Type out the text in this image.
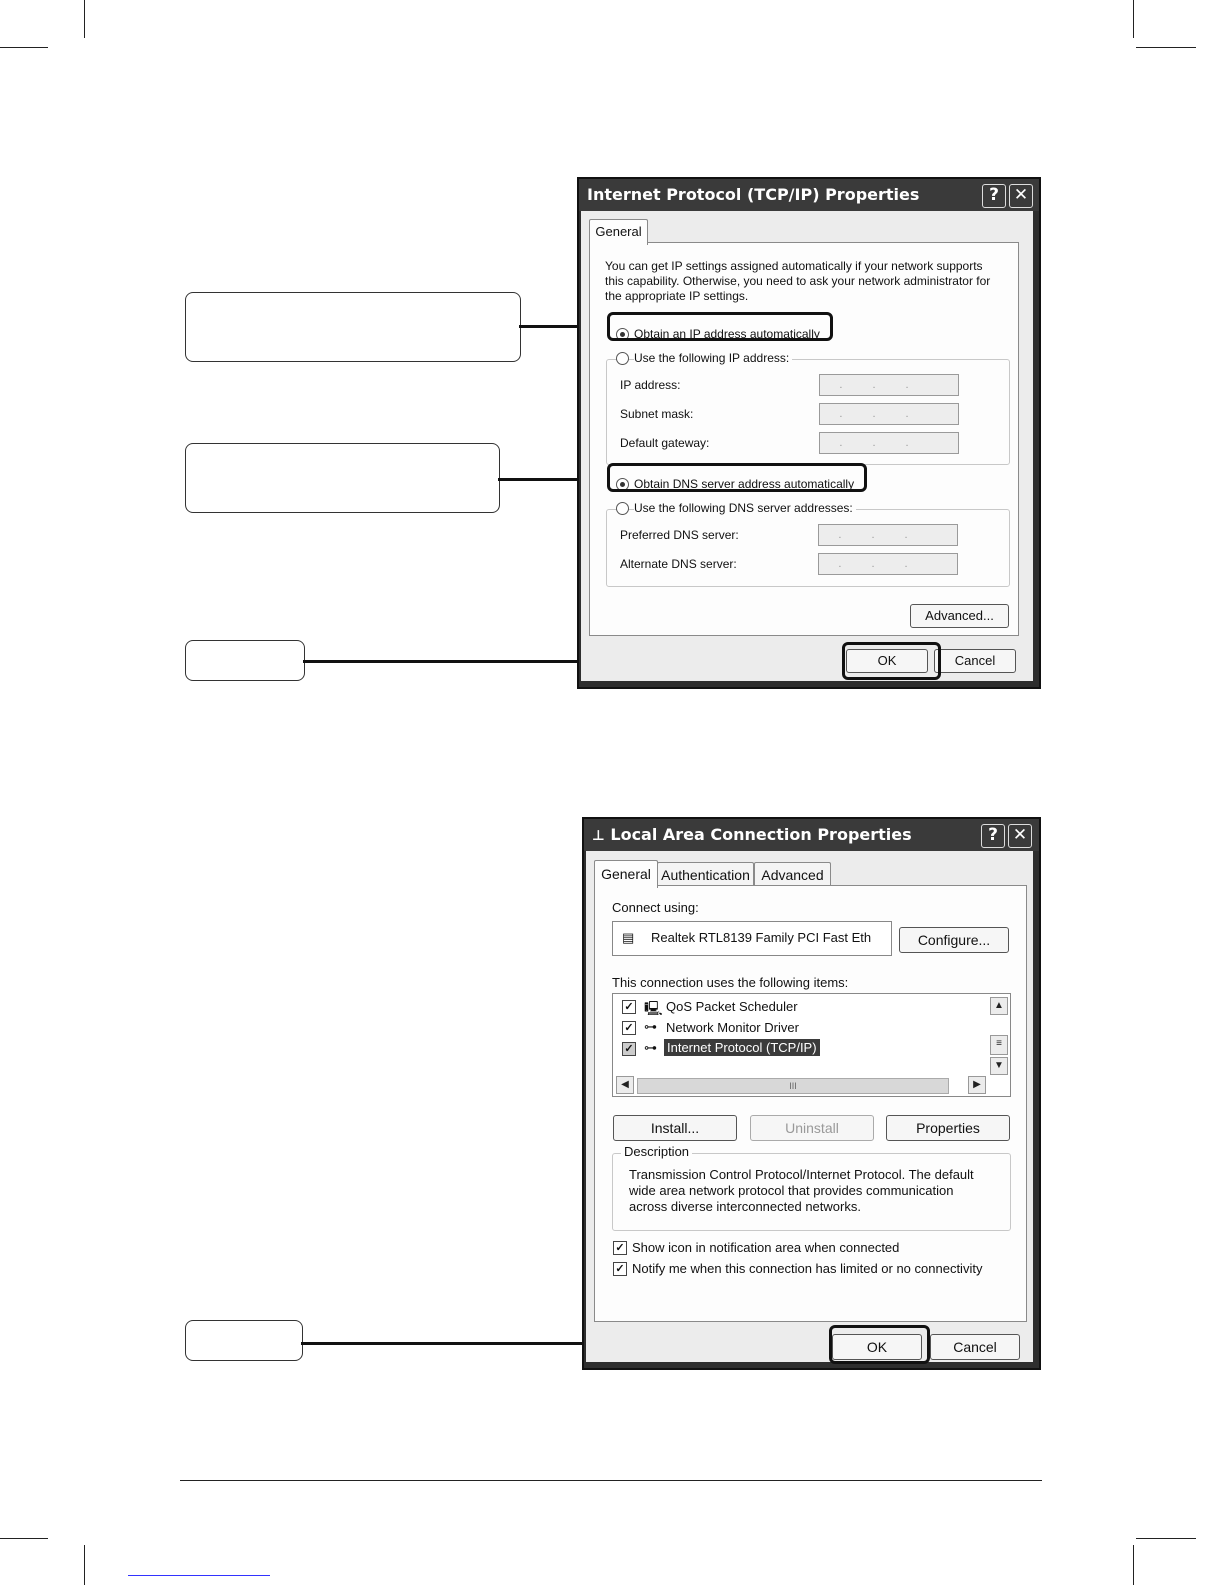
Internet Protocol (TCP/IP) Properties	? ✕
General
You can get IP settings assigned automatically if your network supports
this capability. Otherwise, you need to ask your network administrator for
the appropriate IP settings.
Obtain an IP address automatically
Use the following IP address:
IP address:	...
Subnet mask:	...
Default gateway:	...
Obtain DNS server address automatically
Use the following DNS server addresses:
Preferred DNS server:	...
Alternate DNS server:	...
Advanced...
OK	Cancel
⊥ Local Area Connection Properties	? ✕
General Authentication Advanced
Connect using:
▤ Realtek RTL8139 Family PCI Fast Eth	Configure...
This connection uses the following items:
✓ 🖳 QoS Packet Scheduler
✓ ⊶ Network Monitor Driver
✓ ⊶ Internet Protocol (TCP/IP)
▲
≡
▼
◀	III	▶
Install...	Uninstall	Properties
Description
Transmission Control Protocol/Internet Protocol. The default
wide area network protocol that provides communication
across diverse interconnected networks.
✓ Show icon in notification area when connected
✓ Notify me when this connection has limited or no connectivity
OK	Cancel
